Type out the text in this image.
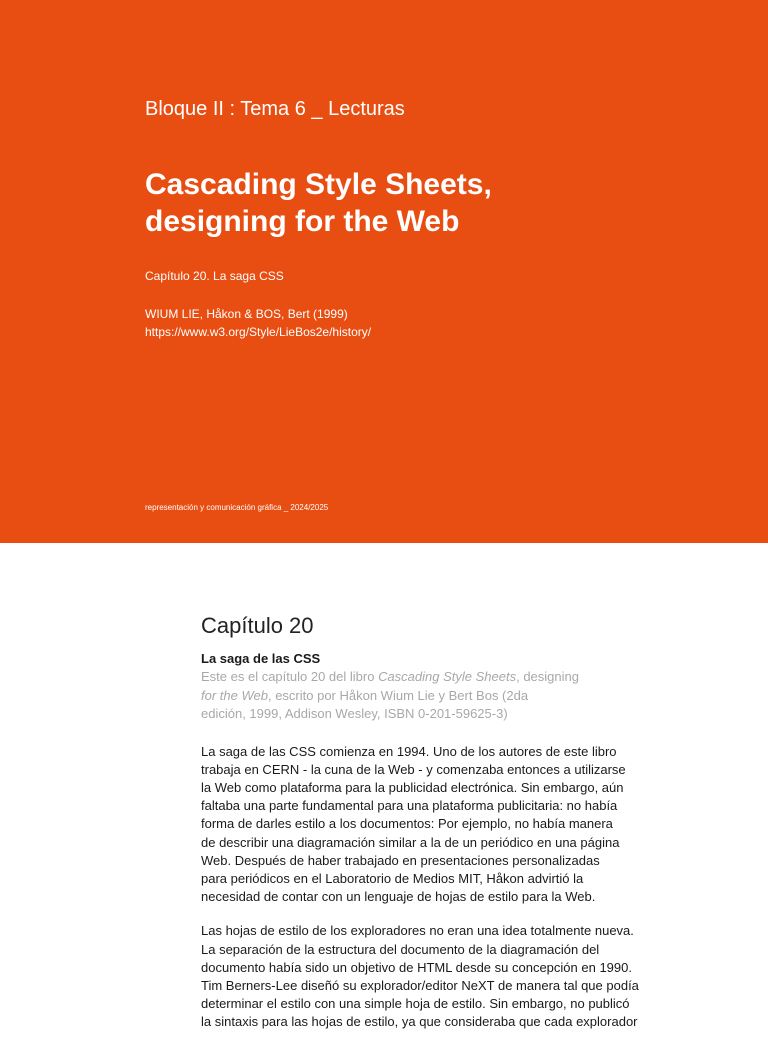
Bloque II : Tema 6 _ Lecturas
Cascading Style Sheets,
designing for the Web
Capítulo 20. La saga CSS
WIUM LIE, Håkon & BOS, Bert (1999)
https://www.w3.org/Style/LieBos2e/history/
representación y comunicación gráfica _ 2024/2025
Capítulo 20

La saga de las CSS

Este es el capítulo 20 del libro Cascading Style Sheets, designing
for the Web, escrito por Håkon Wium Lie y Bert Bos (2da
edición, 1999, Addison Wesley, ISBN 0-201-59625-3)
La saga de las CSS comienza en 1994. Uno de los autores de este libro
trabaja en CERN - la cuna de la Web - y comenzaba entonces a utilizarse
la Web como plataforma para la publicidad electrónica. Sin embargo, aún
faltaba una parte fundamental para una plataforma publicitaria: no había
forma de darles estilo a los documentos: Por ejemplo, no había manera
de describir una diagramación similar a la de un periódico en una página
Web. Después de haber trabajado en presentaciones personalizadas
para periódicos en el Laboratorio de Medios MIT, Håkon advirtió la
necesidad de contar con un lenguaje de hojas de estilo para la Web.
Las hojas de estilo de los exploradores no eran una idea totalmente nueva.
La separación de la estructura del documento de la diagramación del
documento había sido un objetivo de HTML desde su concepción en 1990.
Tim Berners-Lee diseñó su explorador/editor NeXT de manera tal que podía
determinar el estilo con una simple hoja de estilo. Sin embargo, no publicó
la sintaxis para las hojas de estilo, ya que consideraba que cada explorador
